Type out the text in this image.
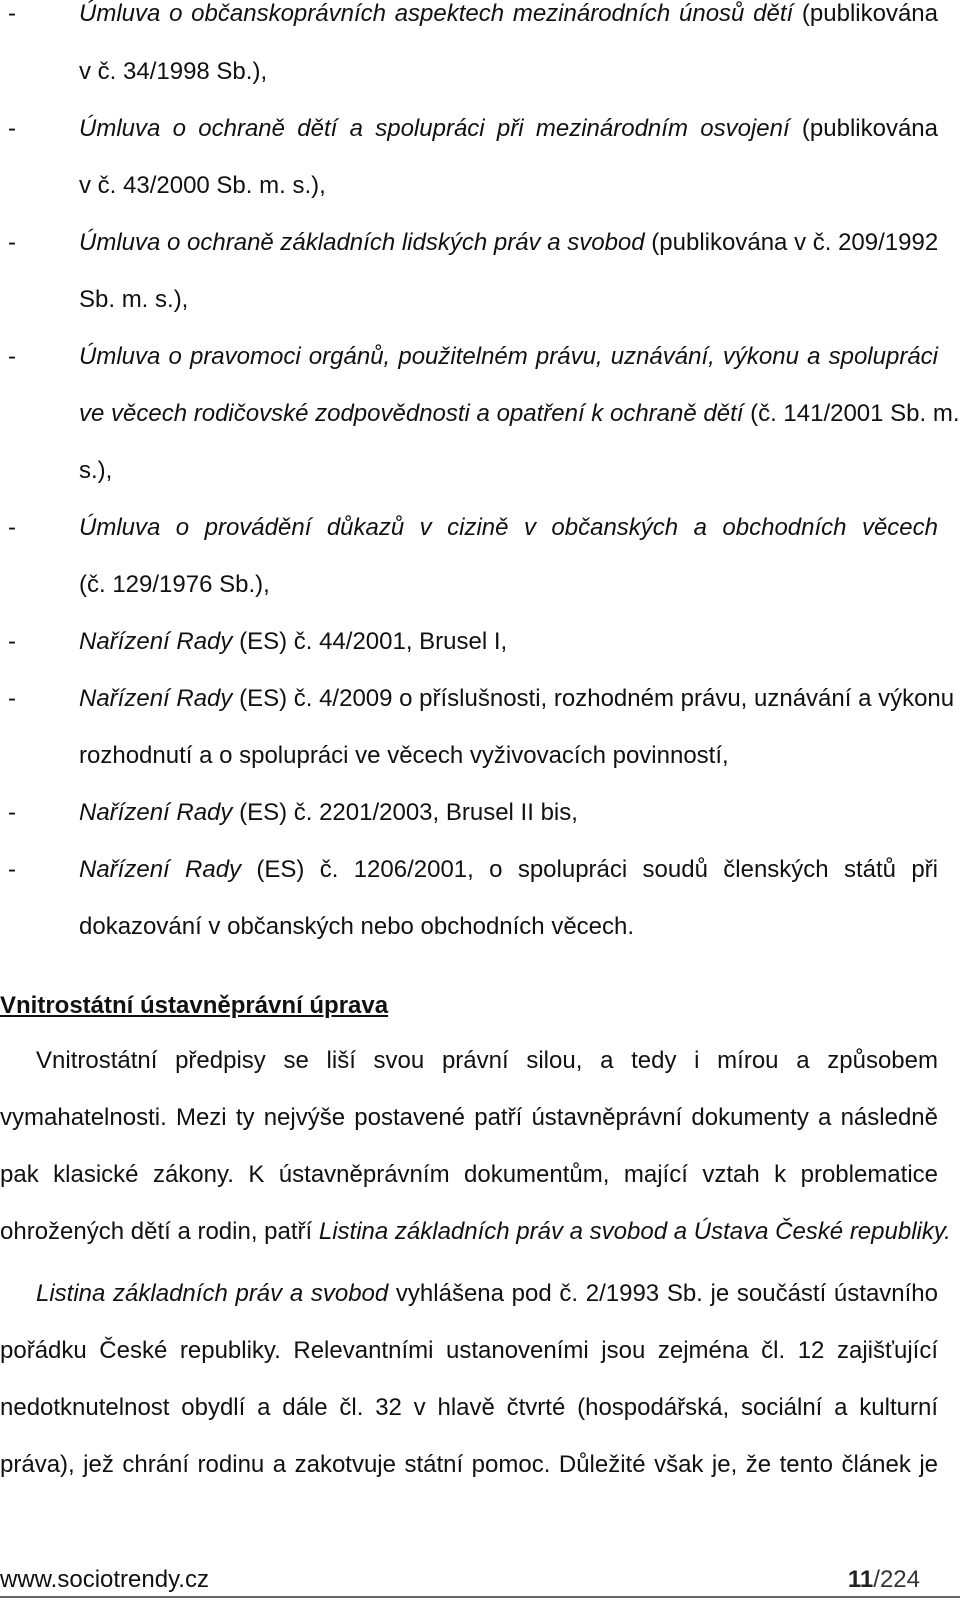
-	Úmluva o občanskoprávních aspektech mezinárodních únosů dětí (publikována
v č. 34/1998 Sb.),
-	Úmluva o ochraně dětí a spolupráci při mezinárodním osvojení (publikována
v č. 43/2000 Sb. m. s.),
-	Úmluva o ochraně základních lidských práv a svobod (publikována v č. 209/1992
Sb. m. s.),
-	Úmluva o pravomoci orgánů, použitelném právu, uznávání, výkonu a spolupráci
ve věcech rodičovské zodpovědnosti a opatření k ochraně dětí (č. 141/2001 Sb. m.
s.),
-	Úmluva o provádění důkazů v cizině v občanských a obchodních věcech
(č. 129/1976 Sb.),
-	Nařízení Rady (ES) č. 44/2001, Brusel I,
-	Nařízení Rady (ES) č. 4/2009 o příslušnosti, rozhodném právu, uznávání a výkonu
rozhodnutí a o spolupráci ve věcech vyživovacích povinností,
-	Nařízení Rady (ES) č. 2201/2003, Brusel II bis,
-	Nařízení Rady (ES) č. 1206/2001, o spolupráci soudů členských států při
dokazování v občanských nebo obchodních věcech.
Vnitrostátní ústavněprávní úprava
Vnitrostátní předpisy se liší svou právní silou, a tedy i mírou a způsobem
vymahatelnosti. Mezi ty nejvýše postavené patří ústavněprávní dokumenty a následně
pak klasické zákony. K ústavněprávním dokumentům, mající vztah k problematice
ohrožených dětí a rodin, patří Listina základních práv a svobod a Ústava České republiky.
Listina základních práv a svobod vyhlášena pod č. 2/1993 Sb. je součástí ústavního
pořádku České republiky. Relevantními ustanoveními jsou zejména čl. 12 zajišťující
nedotknutelnost obydlí a dále čl. 32 v hlavě čtvrté (hospodářská, sociální a kulturní
práva), jež chrání rodinu a zakotvuje státní pomoc. Důležité však je, že tento článek je
www.sociotrendy.cz	11/224
